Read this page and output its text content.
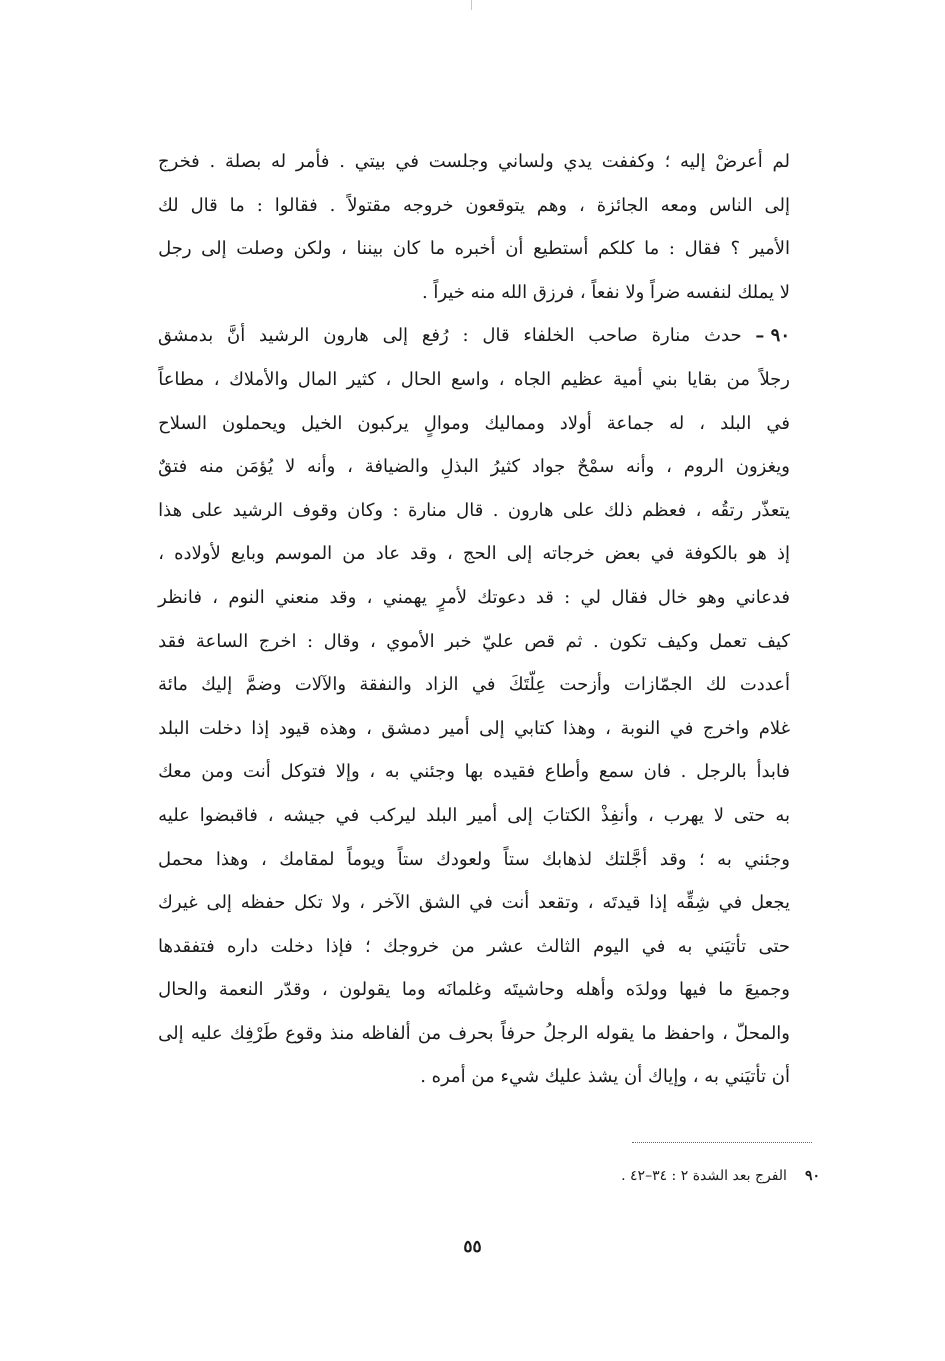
لم
أعرضْ
إليه
؛
وكففت
يدي
ولساني
وجلست
في
بيتي
.
فأمر
له
بصلة
.
فخرج
إلى
الناس
ومعه
الجائزة
،
وهم
يتوقعون
خروجه
مقتولاً
.
فقالوا
:
ما
قال
لك
الأمير
؟
فقال
:
ما
كلكم
أستطيع
أن
أخبره
ما
كان
بيننا
،
ولكن
وصلت
إلى
رجل
لا
يملك
لنفسه
ضراً
ولا
نفعاً
،
فرزق
الله
منه
خيراً
.
٩٠ –
حدث
منارة
صاحب
الخلفاء
قال
:
رُفع
إلى
هارون
الرشيد
أنَّ
بدمشق
رجلاً
من
بقايا
بني
أمية
عظيم
الجاه
،
واسع
الحال
،
كثير
المال
والأملاك
،
مطاعاً
في
البلد
،
له
جماعة
أولاد
ومماليك
وموالٍ
يركبون
الخيل
ويحملون
السلاح
ويغزون
الروم
،
وأنه
سمْحٌ
جواد
كثيرُ
البذلِ
والضيافة
،
وأنه
لا
يُؤمَن
منه
فتقٌ
يتعذّر
رتقُه
،
فعظم
ذلك
على
هارون
.
قال
منارة
:
وكان
وقوف
الرشيد
على
هذا
إذ
هو
بالكوفة
في
بعض
خرجاته
إلى
الحج
،
وقد
عاد
من
الموسم
وبايع
لأولاده
،
فدعاني
وهو
خال
فقال
لي
:
قد
دعوتك
لأمرٍ
يهمني
،
وقد
منعني
النوم
،
فانظر
كيف
تعمل
وكيف
تكون
.
ثم
قص
عليّ
خبر
الأموي
،
وقال
:
اخرج
الساعة
فقد
أعددت
لك
الجمّازات
وأزحت
عِلّتَكَ
في
الزاد
والنفقة
والآلات
وضمَّ
إليك
مائة
غلام
واخرج
في
النوبة
،
وهذا
كتابي
إلى
أمير
دمشق
،
وهذه
قيود
إذا
دخلت
البلد
فابدأ
بالرجل
.
فان
سمع
وأطاع
فقيده
بها
وجئني
به
،
وإلا
فتوكل
أنت
ومن
معك
به
حتى
لا
يهرب
،
وأنفِذْ
الكتابَ
إلى
أمير
البلد
ليركب
في
جيشه
،
فاقبضوا
عليه
وجئني
به
؛
وقد
أجَّلتك
لذهابك
ستاً
ولعودك
ستاً
ويوماً
لمقامك
،
وهذا
محمل
يجعل
في
شِقِّه
إذا
قيدتَه
،
وتقعد
أنت
في
الشق
الآخر
،
ولا
تكل
حفظه
إلى
غيرك
حتى
تأتيَني
به
في
اليوم
الثالث
عشر
من
خروجك
؛
فإذا
دخلت
داره
فتفقدها
وجميعَ
ما
فيها
وولدَه
وأهله
وحاشيتَه
وغلمانَه
وما
يقولون
،
وقدّر
النعمة
والحال
والمحلّ
،
واحفظ
ما
يقوله
الرجلُ
حرفاً
بحرف
من
ألفاظه
منذ
وقوع
طَرْفِك
عليه
إلى
أن
تأتيَني
به
،
وإياك
أن
يشذ
عليك
شيء
من
أمره
.
٩٠الفرج بعد الشدة ٢ : ٣٤–٤٢ .
٥٥
